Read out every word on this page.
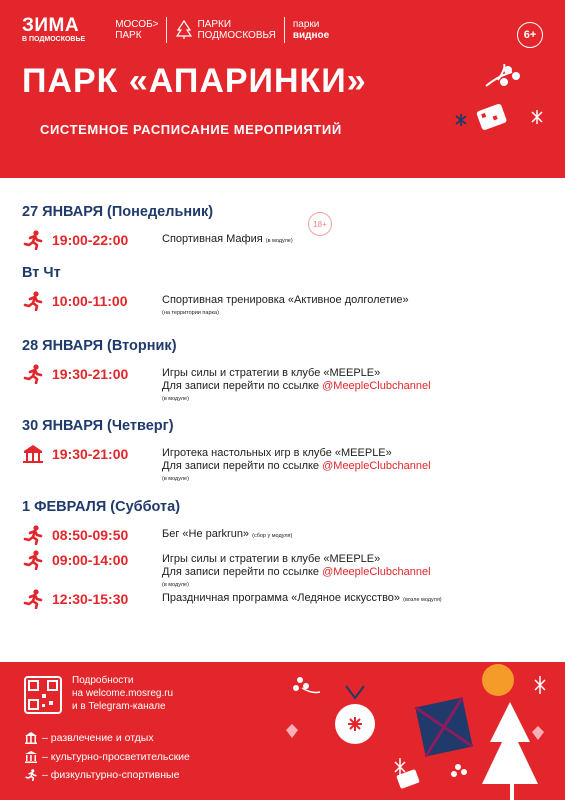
ЗИМА
В ПОДМОСКОВЬЕ
МОСОБ>
ПАРК
ПАРКИ
ПОДМОСКОВЬЯ
парки
видное	6+
ПАРК «АПАРИНКИ»
СИСТЕМНОЕ РАСПИСАНИЕ МЕРОПРИЯТИЙ
27 ЯНВАРЯ (Понедельник)
19:00-22:00	Спортивная Мафия (в модуле)
18+
Вт Чт
10:00-11:00	Спортивная тренировка «Активное долголетие»
(на территории парка)
28 ЯНВАРЯ (Вторник)
19:30-21:00	Игры силы и стратегии в клубе «MEEPLE»
Для записи перейти по ссылке @MeepleClubchannel
(в модуле)
30 ЯНВАРЯ (Четверг)
19:30-21:00	Игротека настольных игр в клубе «MEEPLE»
Для записи перейти по ссылке @MeepleClubchannel
(в модуле)
1 ФЕВРАЛЯ (Суббота)
08:50-09:50	Бег «Не parkrun» (сбор у модуля)
09:00-14:00	Игры силы и стратегии в клубе «MEEPLE»
Для записи перейти по ссылке @MeepleClubchannel
(в модуле)
12:30-15:30	Праздничная программа «Ледяное искусство» (возле модуля)
Подробности
на welcome.mosreg.ru
и в Telegram-канале
– развлечение и отдых
– культурно-просветительские
– физкультурно-спортивные
